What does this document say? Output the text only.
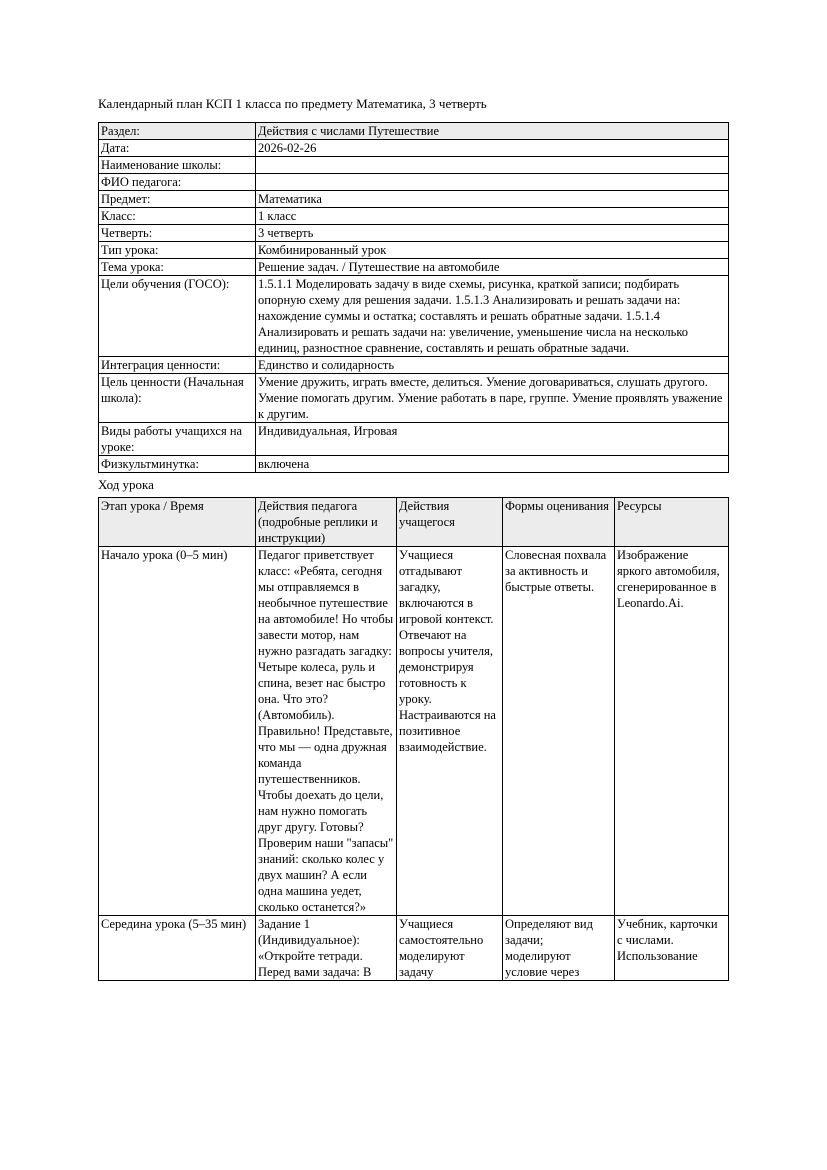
Календарный план КСП 1 класса по предмету Математика, 3 четверть

Раздел:	Действия с числами Путешествие
Дата:	2026-02-26
Наименование школы:	
ФИО педагога:	
Предмет:	Математика
Класс:	1 класс
Четверть:	3 четверть
Тип урока:	Комбинированный урок
Тема урока:	Решение задач. / Путешествие на автомобиле
Цели обучения (ГОСО):	1.5.1.1 Моделировать задачу в виде схемы, рисунка, краткой записи; подбирать опорную схему для решения задачи. 1.5.1.3 Анализировать и решать задачи на: нахождение суммы и остатка; составлять и решать обратные задачи. 1.5.1.4 Анализировать и решать задачи на: увеличение, уменьшение числа на несколько единиц, разностное сравнение, составлять и решать обратные задачи.
Интеграция ценности:	Единство и солидарность
Цель ценности (Начальная школа):	Умение дружить, играть вместе, делиться. Умение договариваться, слушать другого. Умение помогать другим. Умение работать в паре, группе. Умение проявлять уважение к другим.
Виды работы учащихся на уроке:	Индивидуальная, Игровая
Физкультминутка:	включена

Ход урока

Этап урока / Время	Действия педагога (подробные реплики и инструкции)	Действия учащегося	Формы оценивания	Ресурсы
Начало урока (0–5 мин)	Педагог приветствует класс: «Ребята, сегодня мы отправляемся в необычное путешествие на автомобиле! Но чтобы завести мотор, нам нужно разгадать загадку: Четыре колеса, руль и спина, везет нас быстро она. Что это? (Автомобиль). Правильно! Представьте, что мы — одна дружная команда путешественников. Чтобы доехать до цели, нам нужно помогать друг другу. Готовы? Проверим наши "запасы" знаний: сколько колес у двух машин? А если одна машина уедет, сколько останется?»	Учащиеся отгадывают загадку, включаются в игровой контекст. Отвечают на вопросы учителя, демонстрируя готовность к уроку. Настраиваются на позитивное взаимодействие.	Словесная похвала за активность и быстрые ответы.	Изображение яркого автомобиля, сгенерированное в Leonardo.Ai.
Середина урока (5–35 мин)	Задание 1 (Индивидуальное): «Откройте тетради. Перед вами задача: В	Учащиеся самостоятельно моделируют задачу	Определяют вид задачи; моделируют условие через	Учебник, карточки с числами. Использование
